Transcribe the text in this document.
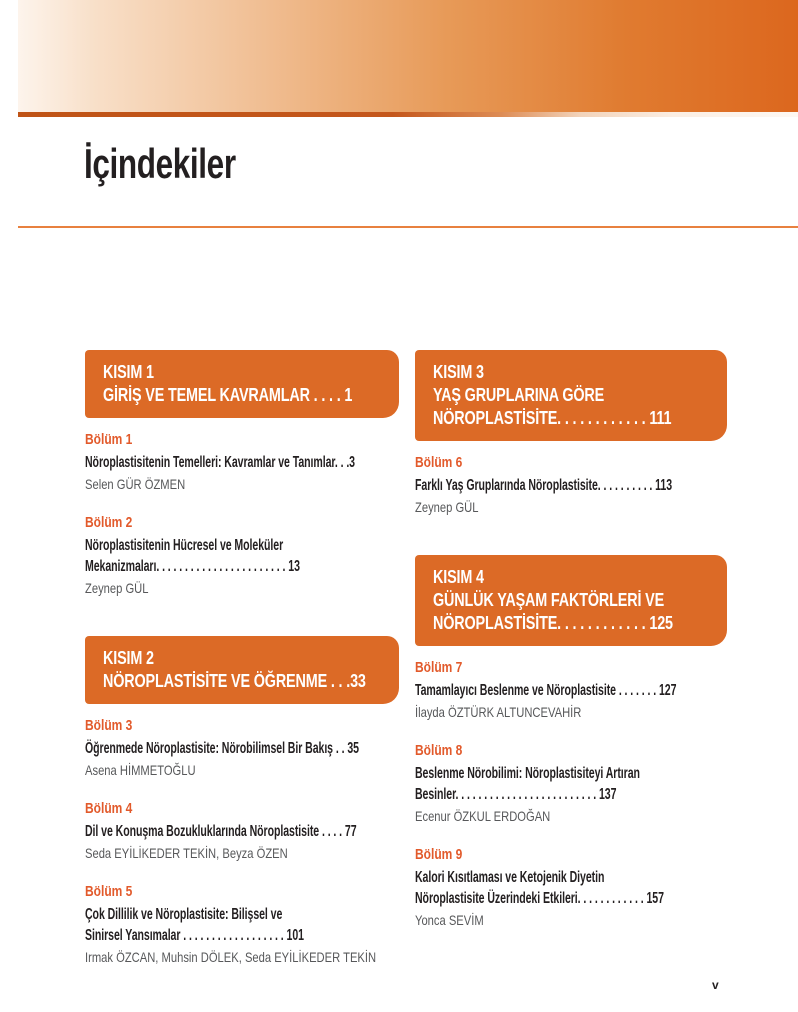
İçindekiler
KISIM 1
GİRİŞ VE TEMEL KAVRAMLAR . . . . 1
Bölüm 1
Nöroplastisitenin Temelleri: Kavramlar ve Tanımlar. . .3
Selen GÜR ÖZMEN
Bölüm 2
Nöroplastisitenin Hücresel ve Moleküler
Mekanizmaları. . . . . . . . . . . . . . . . . . . . . . . 13
Zeynep GÜL
KISIM 2
NÖROPLASTİSİTE VE ÖĞRENME . . .33
Bölüm 3
Öğrenmede Nöroplastisite: Nörobilimsel Bir Bakış . . 35
Asena HİMMETOĞLU
Bölüm 4
Dil ve Konuşma Bozukluklarında Nöroplastisite . . . . 77
Seda EYİLİKEDER TEKİN, Beyza ÖZEN
Bölüm 5
Çok Dillilik ve Nöroplastisite: Bilişsel ve
Sinirsel Yansımalar . . . . . . . . . . . . . . . . . . 101
Irmak ÖZCAN, Muhsin DÖLEK, Seda EYİLİKEDER TEKİN
KISIM 3
YAŞ GRUPLARINA GÖRE
NÖROPLASTİSİTE. . . . . . . . . . . . 111
Bölüm 6
Farklı Yaş Gruplarında Nöroplastisite. . . . . . . . . . 113
Zeynep GÜL
KISIM 4
GÜNLÜK YAŞAM FAKTÖRLERİ VE
NÖROPLASTİSİTE. . . . . . . . . . . . 125
Bölüm 7
Tamamlayıcı Beslenme ve Nöroplastisite . . . . . . . 127
İlayda ÖZTÜRK ALTUNCEVAHİR
Bölüm 8
Beslenme Nörobilimi: Nöroplastisiteyi Artıran
Besinler. . . . . . . . . . . . . . . . . . . . . . . . . 137
Ecenur ÖZKUL ERDOĞAN
Bölüm 9
Kalori Kısıtlaması ve Ketojenik Diyetin
Nöroplastisite Üzerindeki Etkileri. . . . . . . . . . . . 157
Yonca SEVİM
v
